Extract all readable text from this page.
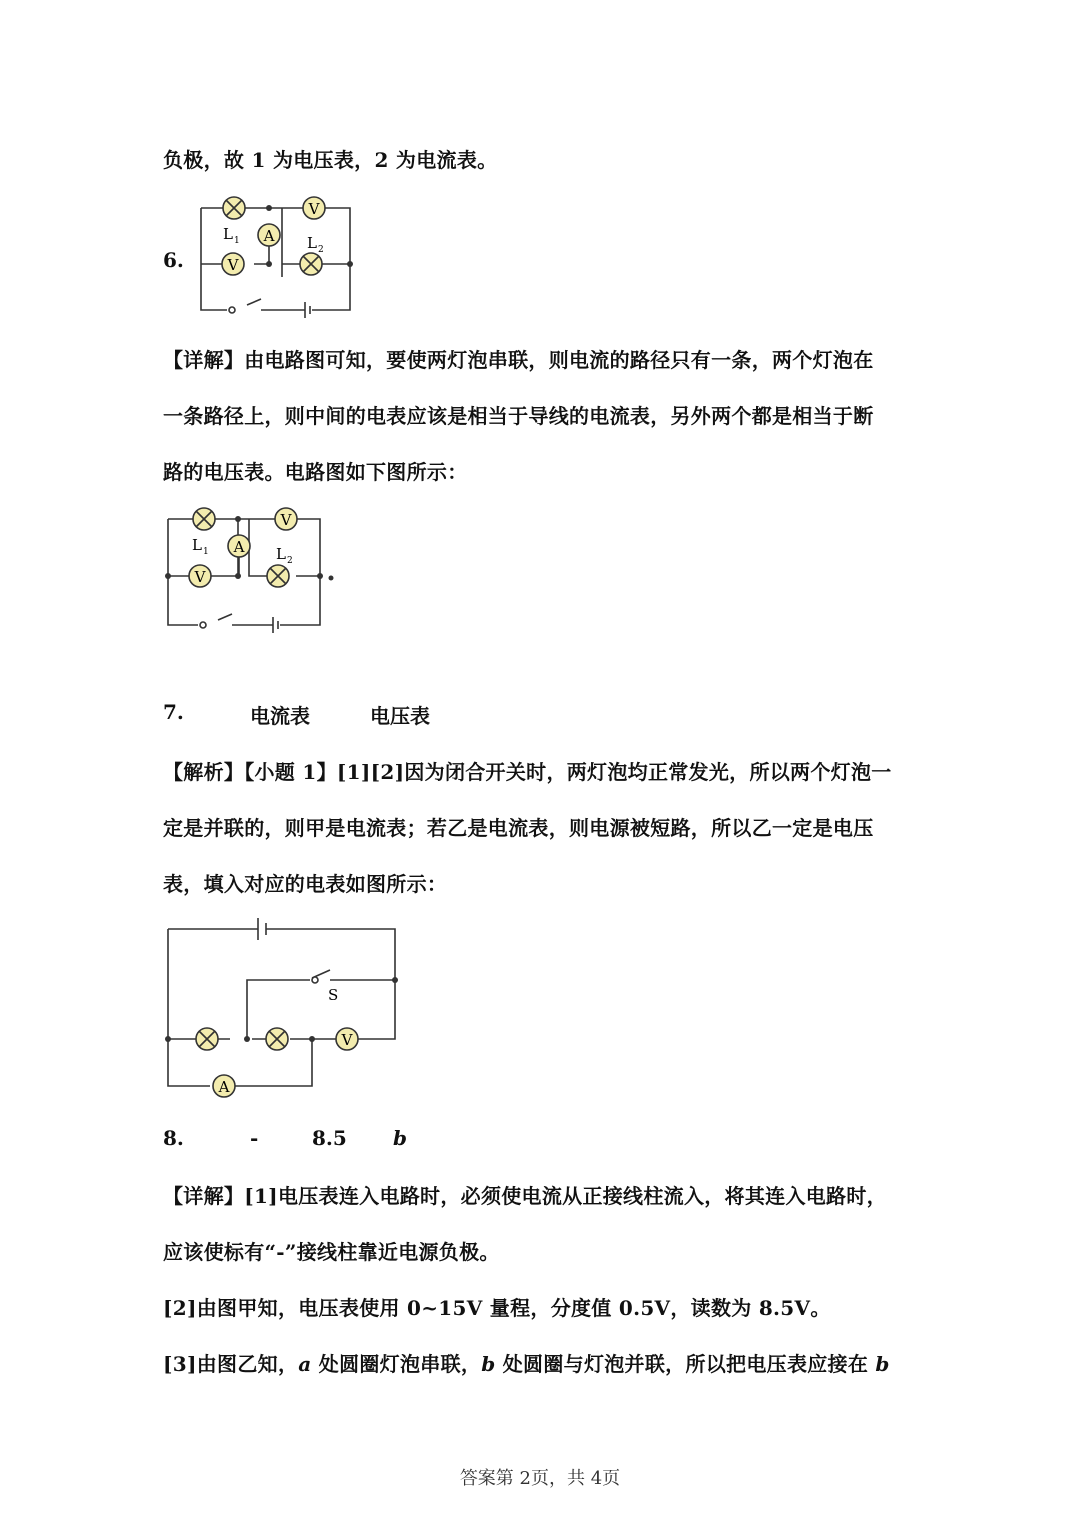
负极，故 1 为电压表，2 为电流表。
6.
V
A
V
L 1	L 2
【详解】由电路图可知，要使两灯泡串联，则电流的路径只有一条，两个灯泡在
一条路径上，则中间的电表应该是相当于导线的电流表，另外两个都是相当于断
路的电压表。电路图如下图所示：
V
A
V
L 1	L 2
7.	电流表	电压表
【解析】【小题 1】[1][2]因为闭合开关时，两灯泡均正常发光，所以两个灯泡一
定是并联的，则甲是电流表；若乙是电流表，则电源被短路，所以乙一定是电压
表，填入对应的电表如图所示：
S
V
A
8.	-	8.5 b
【详解】[1]电压表连入电路时，必须使电流从正接线柱流入，将其连入电路时，
应该使标有“-”接线柱靠近电源负极。
[2]由图甲知，电压表使用 0~15V 量程，分度值 0.5V，读数为 8.5V。
[3]由图乙知，a 处圆圈灯泡串联，b 处圆圈与灯泡并联，所以把电压表应接在 b
答案第 2页，共 4页
